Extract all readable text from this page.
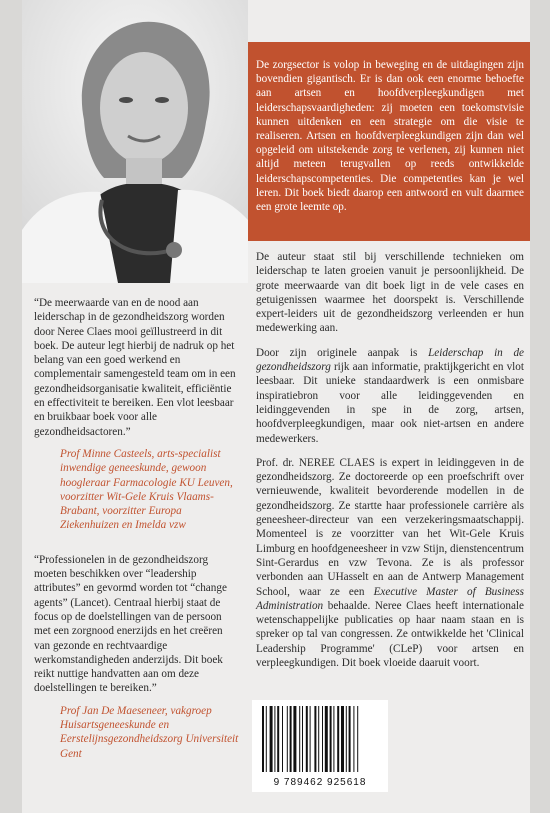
De zorgsector is volop in beweging en de uitdagingen zijn bovendien gigantisch. Er is dan ook een enorme behoefte aan artsen en hoofdverpleegkundigen met leiderschapsvaardigheden: zij moeten een toekomstvisie kunnen uitdenken en een strategie om die visie te realiseren. Artsen en hoofdverpleegkundigen zijn dan wel opgeleid om uitstekende zorg te verlenen, zij kunnen niet altijd meteen terugvallen op reeds ontwikkelde leiderschapscompetenties. Die competenties kan je wel leren. Dit boek biedt daarop een antwoord en vult daarmee een grote leemte op.

De auteur staat stil bij verschillende technieken om leiderschap te laten groeien vanuit je persoonlijkheid. De grote meerwaarde van dit boek ligt in de vele cases en getuigenissen waarmee het doorspekt is. Verschillende expert-leiders uit de gezondheidszorg verleenden er hun medewerking aan.

Door zijn originele aanpak is Leiderschap in de gezondheidszorg rijk aan informatie, praktijkgericht en vlot leesbaar. Dit unieke standaardwerk is een onmisbare inspiratiebron voor alle leidinggevenden en leidinggevenden in spe in de zorg, artsen, hoofdverpleegkundigen, maar ook niet-artsen en andere medewerkers.

Prof. dr. NEREE CLAES is expert in leidinggeven in de gezondheidszorg. Ze doctoreerde op een proefschrift over vernieuwende, kwaliteit bevorderende modellen in de gezondheidszorg. Ze startte haar professionele carrière als geneesheer-directeur van een verzekeringsmaatschappij. Momenteel is ze voorzitter van het Wit-Gele Kruis Limburg en hoofdgeneesheer in vzw Stijn, dienstencentrum Sint-Gerardus en vzw Tevona. Ze is als professor verbonden aan UHasselt en aan de Antwerp Management School, waar ze een Executive Master of Business Administration behaalde. Neree Claes heeft internationale wetenschappelijke publicaties op haar naam staan en is spreker op tal van congressen. Ze ontwikkelde het 'Clinical Leadership Programme' (CLeP) voor artsen en verpleegkundigen. Dit boek vloeide daaruit voort.

“De meerwaarde van en de nood aan leiderschap in de gezondheidszorg worden door Neree Claes mooi geïllustreerd in dit boek. De auteur legt hierbij de nadruk op het belang van een goed werkend en complementair samengesteld team om in een gezondheidsorganisatie kwaliteit, efficiëntie en effectiviteit te bereiken. Een vlot leesbaar en bruikbaar boek voor alle gezondheidsactoren.”

Prof Minne Casteels, arts-specialist inwendige geneeskunde, gewoon hoogleraar Farmacologie KU Leuven, voorzitter Wit-Gele Kruis Vlaams-Brabant, voorzitter Europa Ziekenhuizen en Imelda vzw

“Professionelen in de gezondheidszorg moeten beschikken over “leadership attributes” en gevormd worden tot “change agents” (Lancet). Centraal hierbij staat de focus op de doelstellingen van de persoon met een zorgnood enerzijds en het creëren van gezonde en rechtvaardige werkomstandigheden anderzijds. Dit boek reikt nuttige handvatten aan om deze doelstellingen te bereiken.”

Prof Jan De Maeseneer, vakgroep Huisartsgeneeskunde en Eerstelijnsgezondheidszorg Universiteit Gent

9 789462 925618
